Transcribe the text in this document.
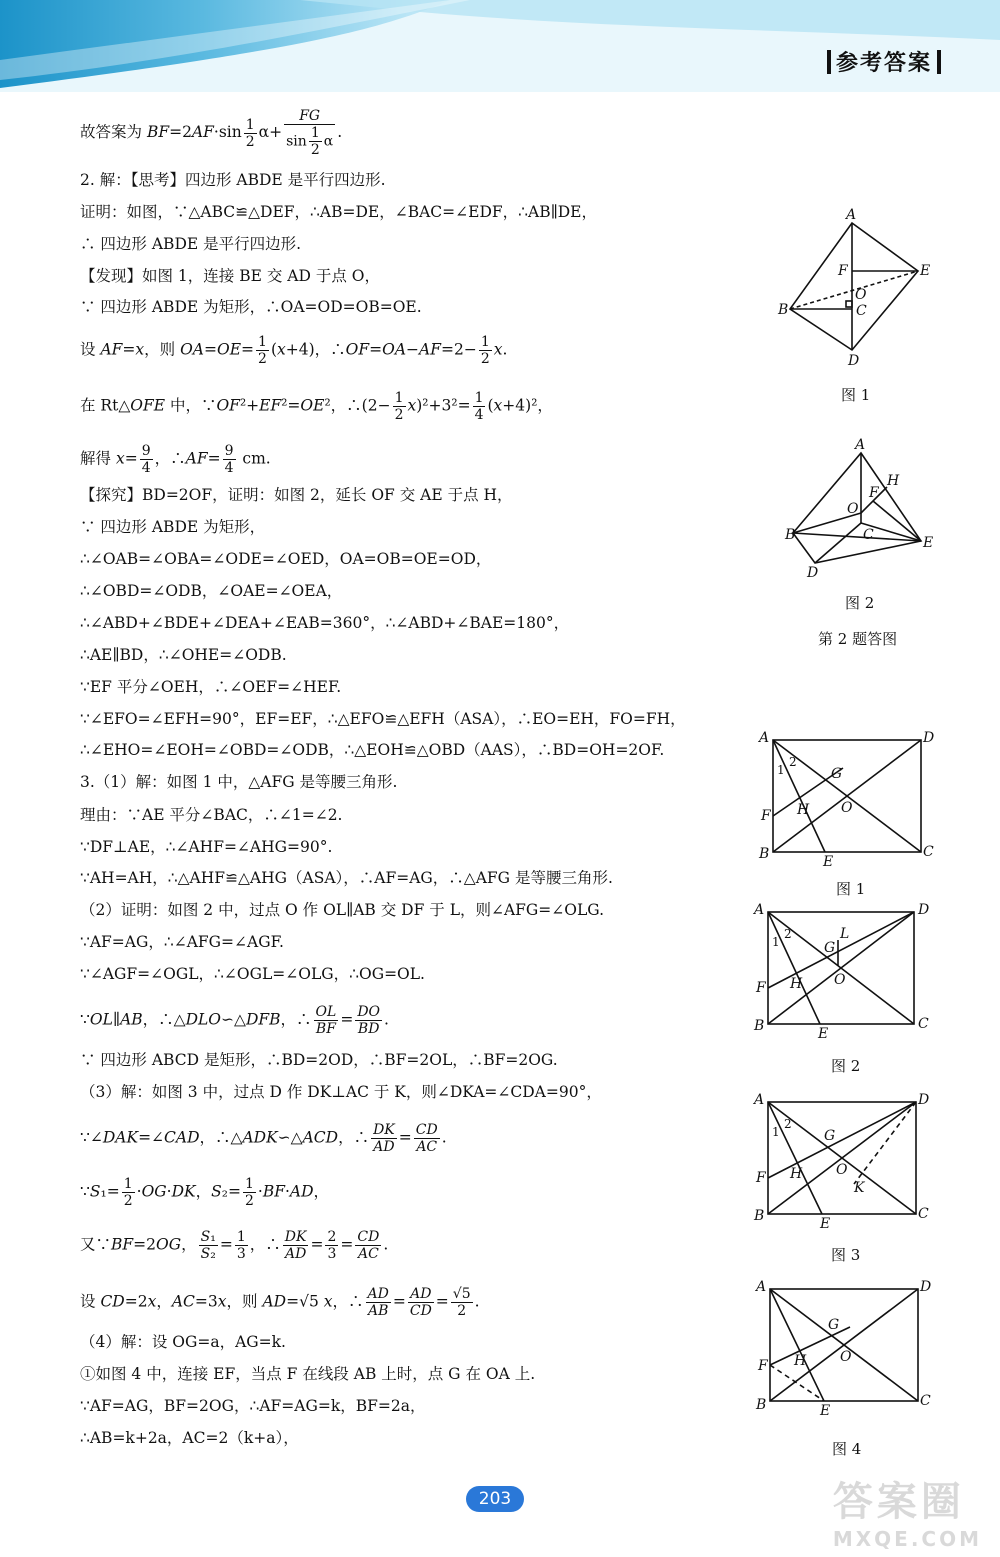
参考答案
故答案为 $BF=2AF\cdot\sin \frac{1}{2} \alpha+ \frac{FG}{\sin \frac{1}{2} \alpha}$ .
2. 解：【思考】四边形 ABDE 是平行四边形.
证明：如图，∵△ABC≌△DEF，∴AB=DE，∠BAC=∠EDF，∴AB∥DE，
∴ 四边形 ABDE 是平行四边形.
【发现】如图 1，连接 BE 交 AD 于点 O，
∵ 四边形 ABDE 为矩形，∴OA=OD=OB=OE.
设 AF=x，则 $OA=OE= \frac{1}{2} (x+4)$，∴OF=OA−AF=2− $\frac{1}{2} x$.
在 Rt△OFE 中，∵OF²+EF²=OE²，∴(2− $\frac{1}{2} x)^2+3^2= \frac{1}{4} (x+4)^2$，
解得 $x= \frac{9}{4}$ ，∴AF= $\frac{9}{4}$ cm.
【探究】BD=2OF，证明：如图 2，延长 OF 交 AE 于点 H，
∵ 四边形 ABDE 为矩形，
∴∠OAB=∠OBA=∠ODE=∠OED，OA=OB=OE=OD，
∴∠OBD=∠ODB，∠OAE=∠OEA，
∴∠ABD+∠BDE+∠DEA+∠EAB=360°，∴∠ABD+∠BAE=180°，
∴AE∥BD，∴∠OHE=∠ODB.
∵EF 平分∠OEH，∴∠OEF=∠HEF.
∵∠EFO=∠EFH=90°，EF=EF，∴△EFO≌△EFH（ASA），∴EO=EH，FO=FH，
∴∠EHO=∠EOH=∠OBD=∠ODB，∴△EOH≌△OBD（AAS），∴BD=OH=2OF.
3.（1）解：如图 1 中，△AFG 是等腰三角形.
理由：∵AE 平分∠BAC，∴∠1=∠2.
∵DF⊥AE，∴∠AHF=∠AHG=90°.
∵AH=AH，∴△AHF≌△AHG（ASA），∴AF=AG，∴△AFG 是等腰三角形.
（2）证明：如图 2 中，过点 O 作 OL∥AB 交 DF 于 L，则∠AFG=∠OLG.
∵AF=AG，∴∠AFG=∠AGF.
∵∠AGF=∠OGL，∴∠OGL=∠OLG，∴OG=OL.
∵OL∥AB，∴△DLO∽△DFB，∴ $\frac{OL}{BF} = \frac{DO}{BD}$ .
∵ 四边形 ABCD 是矩形，∴BD=2OD，∴BF=2OL，∴BF=2OG.
（3）解：如图 3 中，过点 D 作 DK⊥AC 于 K，则∠DKA=∠CDA=90°，
∵∠DAK=∠CAD，∴△ADK∽△ACD，∴ $\frac{DK}{AD} = \frac{CD}{AC}$ .
∵S₁= $\frac{1}{2} \cdot OG\cdot DK$，$S_2= \frac{1}{2} \cdot BF\cdot AD$，
又∵BF=2OG， $\frac{\text{S₁}}{\text{S₂}} = \frac{1}{3}$ ，∴ $\frac{DK}{AD} = \frac{2}{3} = \frac{CD}{AC}$ .
设 CD=2x，AC=3x，则 AD=√5 x，∴ $\frac{AD}{AB} = \frac{AD}{CD} = \frac{√5}{2}$ .
（4）解：设 OG=a，AG=k.
①如图 4 中，连接 EF，当点 F 在线段 AB 上时，点 G 在 OA 上.
∵AF=AG，BF=2OG，∴AF=AG=k，BF=2a，
∴AB=k+2a，AC=2（k+a），
A
E
B
D
F
O
C
图 1
A
H
F
O
C
B	E
D
图 2
第 2 题答图
A	D
B	C
E
F
G
H O
1
2
图 1
A	D
B	C
E
F
G
L
H O
1
2
图 2
A	D
B	C
E
F
G
H O
K
1
2
图 3
A	D
B	C
E
F
G
H O
图 4
203	答案圈
MXQE.COM
